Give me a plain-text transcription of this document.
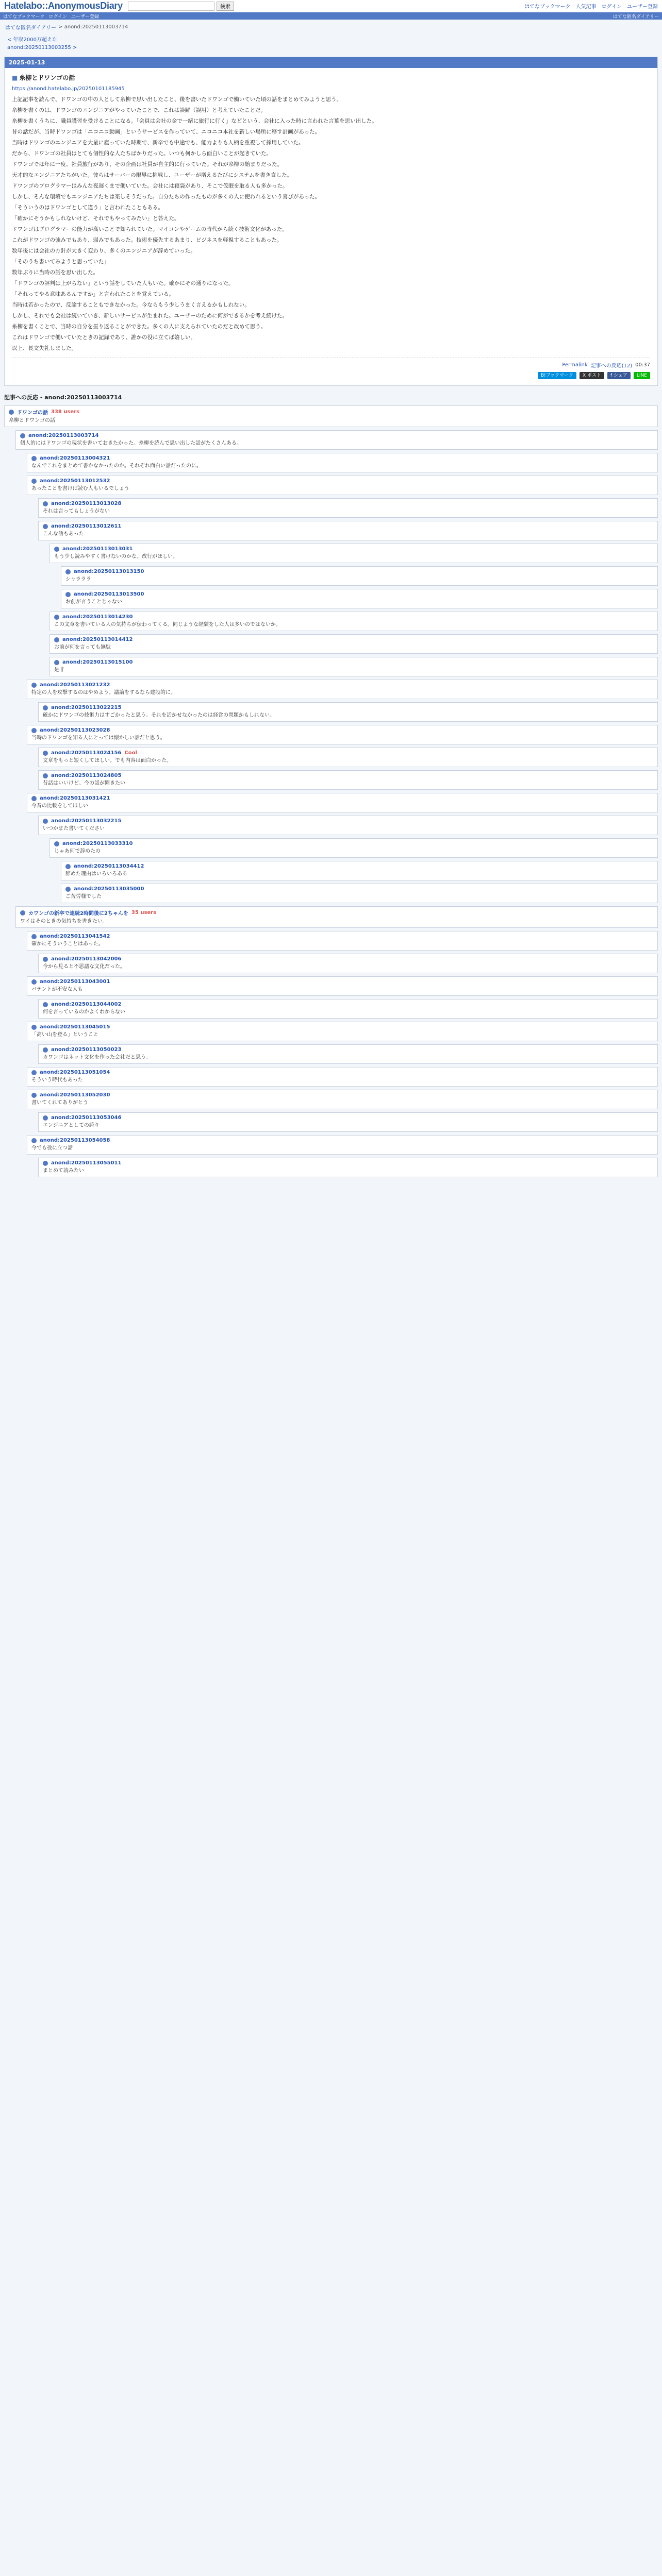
Hatelabo::AnonymousDiary	検索	はてなブックマーク 人気記事 ログイン ユーザー登録
はてなブックマーク ログイン ユーザー登録	はてな匿名ダイアリー
はてな匿名ダイアリー >
anond:20250113003714
< 年収2000万超えた
anond:20250113003255 >
2025-01-13
■ 糸柳とドワンゴの話
https://anond.hatelabo.jp/20250101185945

上記記事を読んで、ドワンゴの中の人として糸柳で思い出したこと、後を書いたドワンゴで働いていた頃の話をまとめてみようと思う。

糸柳を書くのは、ドワンゴのエンジニアがやっていたことで、これは誤解（誤用）と考えていたことだ。

糸柳を書くうちに、職員講習を受けることになる。「会員は会社の金で一緒に旅行に行く」などという、会社に入った時に言われた言葉を思い出した。

昔の話だが、当時ドワンゴは「ニコニコ動画」というサービスを作っていて、ニコニコ本社を新しい場所に移す計画があった。

当時はドワンゴのエンジニアを大量に雇っていた時期で、新卒でも中途でも、能力よりも人柄を重視して採用していた。

だから、ドワンゴの社員はとても個性的な人たちばかりだった。いつも何かしら面白いことが起きていた。

ドワンゴでは年に一度、社員旅行があり、その企画は社員が自主的に行っていた。それが糸柳の始まりだった。

天才的なエンジニアたちがいた。彼らはサーバーの限界に挑戦し、ユーザーが増えるたびにシステムを書き直した。

ドワンゴのプログラマーはみんな夜遅くまで働いていた。会社には寝袋があり、そこで仮眠を取る人も多かった。

しかし、そんな環境でもエンジニアたちは楽しそうだった。自分たちの作ったものが多くの人に使われるという喜びがあった。

「そういうのはドワンゴとして違う」と言われたこともある。

「確かにそうかもしれないけど、それでもやってみたい」と答えた。

ドワンゴはプログラマーの能力が高いことで知られていた。マイコンやゲームの時代から続く技術文化があった。

これがドワンゴの強みでもあり、弱みでもあった。技術を優先するあまり、ビジネスを軽視することもあった。

数年後には会社の方針が大きく変わり、多くのエンジニアが辞めていった。

「そのうち書いてみようと思っていた」

数年ぶりに当時の話を思い出した。

「ドワンゴの評判は上がらない」という話をしていた人もいた。確かにその通りになった。

「それってやる意味あるんですか」と言われたことを覚えている。

当時は若かったので、反論することもできなかった。今ならもう少しうまく言えるかもしれない。

しかし、それでも会社は続いていき、新しいサービスが生まれた。ユーザーのために何ができるかを考え続けた。

糸柳を書くことで、当時の自分を振り返ることができた。多くの人に支えられていたのだと改めて思う。

これはドワンゴで働いていたときの記録であり、誰かの役に立てば嬉しい。

以上、長文失礼しました。

Permalink 記事への反応(12) 00:37
B!ブックマーク	X ポスト	f シェア	LINE
記事への反応 - anond:20250113003714
ドワンゴの話 338 users
糸柳とドワンゴの話
anond:20250113003714
個人的にはドワンゴの現状を書いておきたかった。糸柳を読んで思い出した話がたくさんある。
anond:20250113004321
なんでこれをまとめて書かなかったのか。それぞれ面白い話だったのに。
anond:20250113012532
あったことを書けば読む人もいるでしょう
anond:20250113013028
それは言ってもしょうがない
anond:20250113012611
こんな話もあった
anond:20250113013031
もう少し読みやすく書けないのかな。改行がほしい。
anond:20250113013150
シャラララ
anond:20250113013500
お前が言うことじゃない
anond:20250113014230
この文章を書いている人の気持ちが伝わってくる。同じような経験をした人は多いのではないか。
anond:20250113014412
お前が何を言っても無駄
anond:20250113015100
是非
anond:20250113021232
特定の人を攻撃するのはやめよう。議論をするなら建設的に。
anond:20250113022215
確かにドワンゴの技術力はすごかったと思う。それを活かせなかったのは経営の問題かもしれない。
anond:20250113023028
当時のドワンゴを知る人にとっては懐かしい話だと思う。
anond:20250113024156 Cool
文章をもっと短くしてほしい。でも内容は面白かった。
anond:20250113024805
昔話はいいけど、今の話が聞きたい
anond:20250113031421
今昔の比較をしてほしい
anond:20250113032215
いつかまた書いてください
anond:20250113033310
じゃあ何で辞めたの
anond:20250113034412
辞めた理由はいろいろある
anond:20250113035000
ご苦労様でした
カワンゴの新卒で連続2時間後に2ちゃんを 35 users
ワイはそのときの気持ちを書きたい。
anond:20250113041542
確かにそういうことはあった。
anond:20250113042006
今から見ると不思議な文化だった。
anond:20250113043001
パテントが不安な人も
anond:20250113044002
何を言っているのかよくわからない
anond:20250113045015
「高い山を登る」ということ
anond:20250113050023
カワンゴはネット文化を作った会社だと思う。
anond:20250113051054
そういう時代もあった
anond:20250113052030
書いてくれてありがとう
anond:20250113053046
エンジニアとしての誇り
anond:20250113054058
今でも役に立つ話
anond:20250113055011
まとめて読みたい
